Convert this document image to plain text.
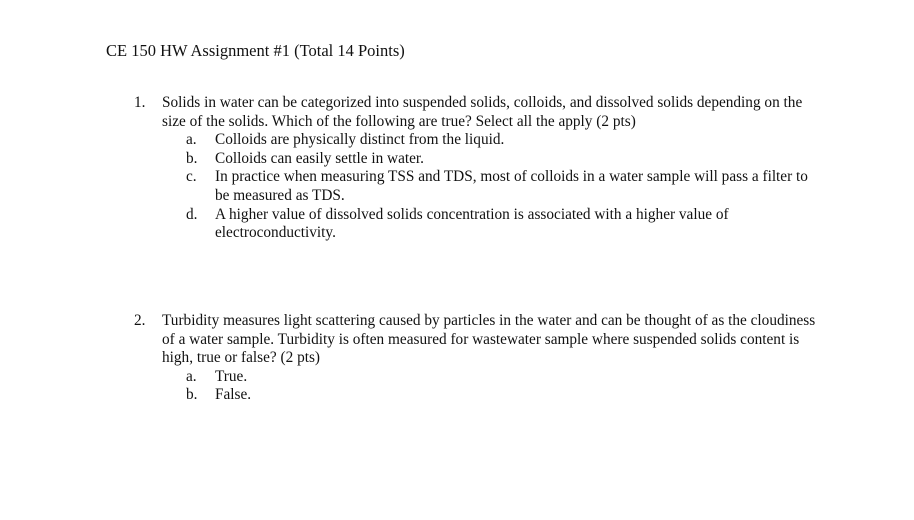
CE 150 HW Assignment #1 (Total 14 Points)
1.	Solids in water can be categorized into suspended solids, colloids, and dissolved solids depending on the size of the solids. Which of the following are true? Select all the apply (2 pts)
a.	Colloids are physically distinct from the liquid.
b.	Colloids can easily settle in water.
c.	In practice when measuring TSS and TDS, most of colloids in a water sample will pass a filter to be measured as TDS.
d.	A higher value of dissolved solids concentration is associated with a higher value of electroconductivity.
2.	Turbidity measures light scattering caused by particles in the water and can be thought of as the cloudiness of a water sample. Turbidity is often measured for wastewater sample where suspended solids content is high, true or false? (2 pts)
a.	True.
b.	False.
